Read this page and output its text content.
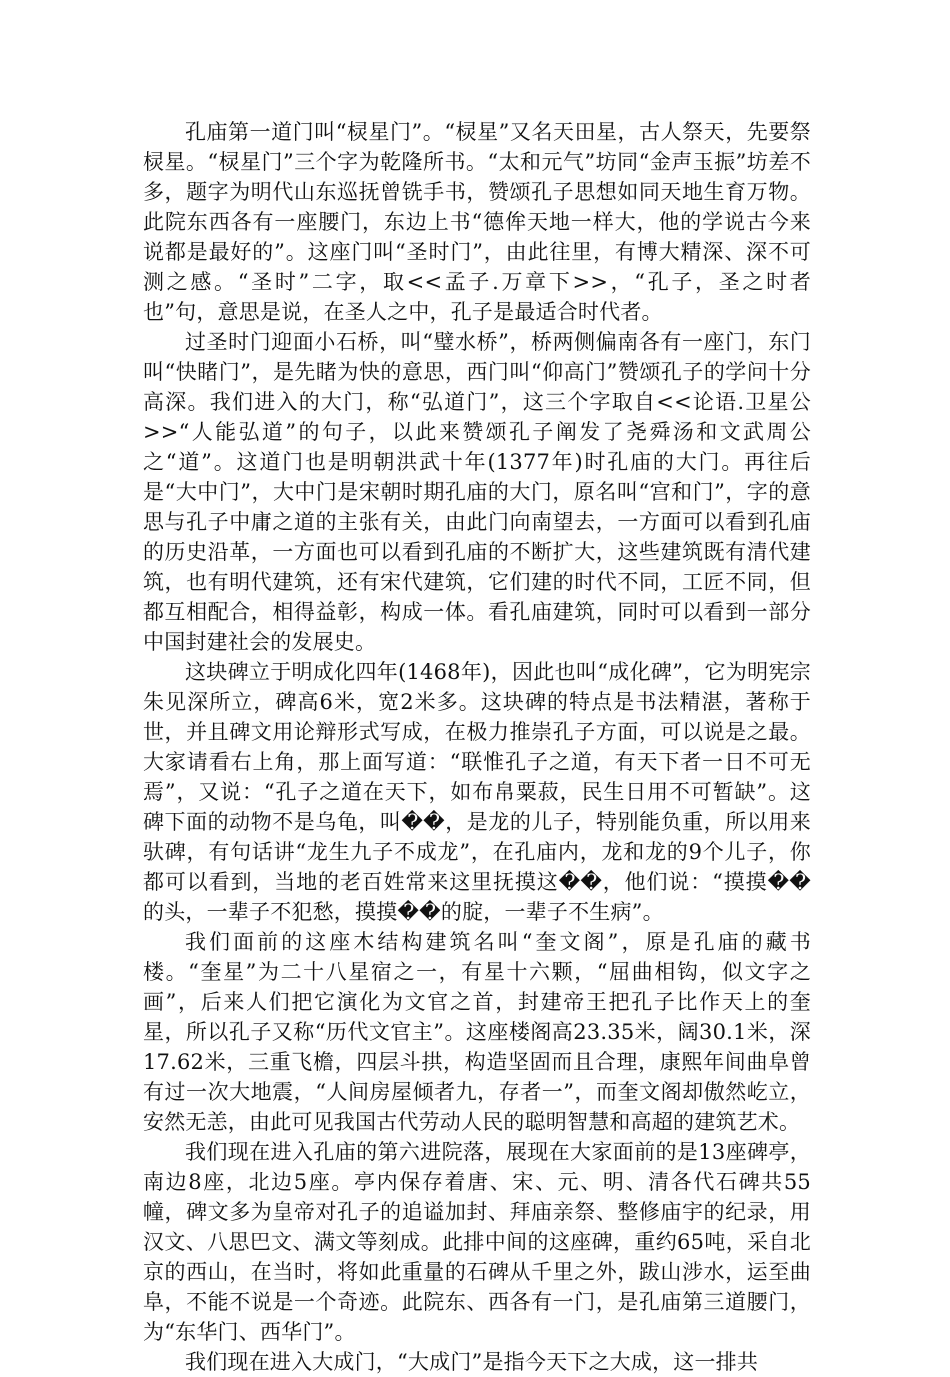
孔庙第一道门叫“棂星门”。“棂星”又名天田星，古人祭天，先要祭棂星。“棂星门”三个字为乾隆所书。“太和元气”坊同“金声玉振”坊差不多，题字为明代山东巡抚曾铣手书，赞颂孔子思想如同天地生育万物。此院东西各有一座腰门，东边上书“德侔天地一样大，他的学说古今来说都是最好的”。这座门叫“圣时门”，由此往里，有博大精深、深不可测之感。“圣时”二字，取<<孟子.万章下>>，“孔子，圣之时者也”句，意思是说，在圣人之中，孔子是最适合时代者。

过圣时门迎面小石桥，叫“璧水桥”，桥两侧偏南各有一座门，东门叫“快睹门”，是先睹为快的意思，西门叫“仰高门”赞颂孔子的学问十分高深。我们进入的大门，称“弘道门”，这三个字取自<<论语.卫星公>>“人能弘道”的句子，以此来赞颂孔子阐发了尧舜汤和文武周公之“道”。这道门也是明朝洪武十年(1377年)时孔庙的大门。再往后是“大中门”，大中门是宋朝时期孔庙的大门，原名叫“宫和门”，字的意思与孔子中庸之道的主张有关，由此门向南望去，一方面可以看到孔庙的历史沿革，一方面也可以看到孔庙的不断扩大，这些建筑既有清代建筑，也有明代建筑，还有宋代建筑，它们建的时代不同，工匠不同，但都互相配合，相得益彰，构成一体。看孔庙建筑，同时可以看到一部分中国封建社会的发展史。

这块碑立于明成化四年(1468年)，因此也叫“成化碑”，它为明宪宗朱见深所立，碑高6米，宽2米多。这块碑的特点是书法精湛，著称于世，并且碑文用论辩形式写成，在极力推崇孔子方面，可以说是之最。大家请看右上角，那上面写道：“联惟孔子之道，有天下者一日不可无焉”，又说：“孔子之道在天下，如布帛粟菽，民生日用不可暂缺”。这碑下面的动物不是乌龟，叫��，是龙的儿子，特别能负重，所以用来驮碑，有句话讲“龙生九子不成龙”，在孔庙内，龙和龙的9个儿子，你都可以看到，当地的老百姓常来这里抚摸这��，他们说：“摸摸��的头，一辈子不犯愁，摸摸��的腚，一辈子不生病”。

我们面前的这座木结构建筑名叫“奎文阁”，原是孔庙的藏书楼。“奎星”为二十八星宿之一，有星十六颗，“屈曲相钩，似文字之画”，后来人们把它演化为文官之首，封建帝王把孔子比作天上的奎星，所以孔子又称“历代文官主”。这座楼阁高23.35米，阔30.1米，深17.62米，三重飞檐，四层斗拱，构造坚固而且合理，康熙年间曲阜曾有过一次大地震，“人间房屋倾者九，存者一”，而奎文阁却傲然屹立，安然无恙，由此可见我国古代劳动人民的聪明智慧和高超的建筑艺术。

我们现在进入孔庙的第六进院落，展现在大家面前的是13座碑亭，南边8座，北边5座。亭内保存着唐、宋、元、明、清各代石碑共55幢，碑文多为皇帝对孔子的追谥加封、拜庙亲祭、整修庙宇的纪录，用汉文、八思巴文、满文等刻成。此排中间的这座碑，重约65吨，采自北京的西山，在当时，将如此重量的石碑从千里之外，跋山涉水，运至曲阜，不能不说是一个奇迹。此院东、西各有一门，是孔庙第三道腰门，为“东华门、西华门”。

我们现在进入大成门，“大成门”是指今天下之大成，这一排共
